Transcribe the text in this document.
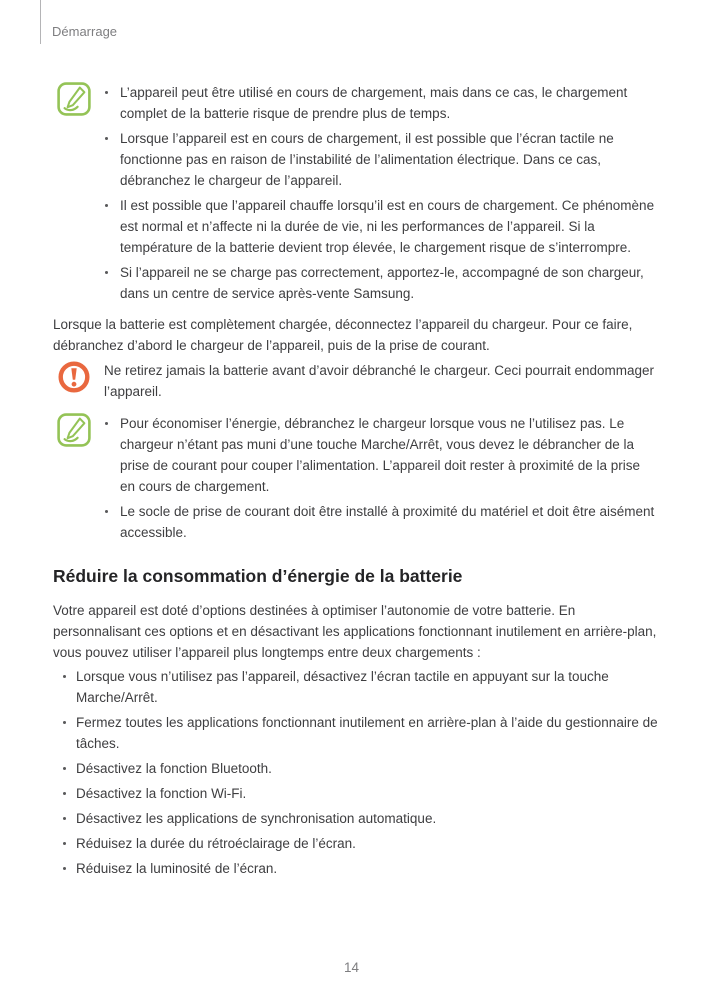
Démarrage

L’appareil peut être utilisé en cours de chargement, mais dans ce cas, le chargement complet de la batterie risque de prendre plus de temps.

Lorsque l’appareil est en cours de chargement, il est possible que l’écran tactile ne fonctionne pas en raison de l’instabilité de l’alimentation électrique. Dans ce cas, débranchez le chargeur de l’appareil.

Il est possible que l’appareil chauffe lorsqu’il est en cours de chargement. Ce phénomène est normal et n’affecte ni la durée de vie, ni les performances de l’appareil. Si la température de la batterie devient trop élevée, le chargement risque de s’interrompre.

Si l’appareil ne se charge pas correctement, apportez-le, accompagné de son chargeur, dans un centre de service après-vente Samsung.

Lorsque la batterie est complètement chargée, déconnectez l’appareil du chargeur. Pour ce faire, débranchez d’abord le chargeur de l’appareil, puis de la prise de courant.

Ne retirez jamais la batterie avant d’avoir débranché le chargeur. Ceci pourrait endommager l’appareil.

Pour économiser l’énergie, débranchez le chargeur lorsque vous ne l’utilisez pas. Le chargeur n’étant pas muni d’une touche Marche/Arrêt, vous devez le débrancher de la prise de courant pour couper l’alimentation. L’appareil doit rester à proximité de la prise en cours de chargement.

Le socle de prise de courant doit être installé à proximité du matériel et doit être aisément accessible.

Réduire la consommation d’énergie de la batterie

Votre appareil est doté d’options destinées à optimiser l’autonomie de votre batterie. En personnalisant ces options et en désactivant les applications fonctionnant inutilement en arrière-plan, vous pouvez utiliser l’appareil plus longtemps entre deux chargements :

Lorsque vous n’utilisez pas l’appareil, désactivez l’écran tactile en appuyant sur la touche Marche/Arrêt.

Fermez toutes les applications fonctionnant inutilement en arrière-plan à l’aide du gestionnaire de tâches.

Désactivez la fonction Bluetooth.

Désactivez la fonction Wi-Fi.

Désactivez les applications de synchronisation automatique.

Réduisez la durée du rétroéclairage de l’écran.

Réduisez la luminosité de l’écran.

14
